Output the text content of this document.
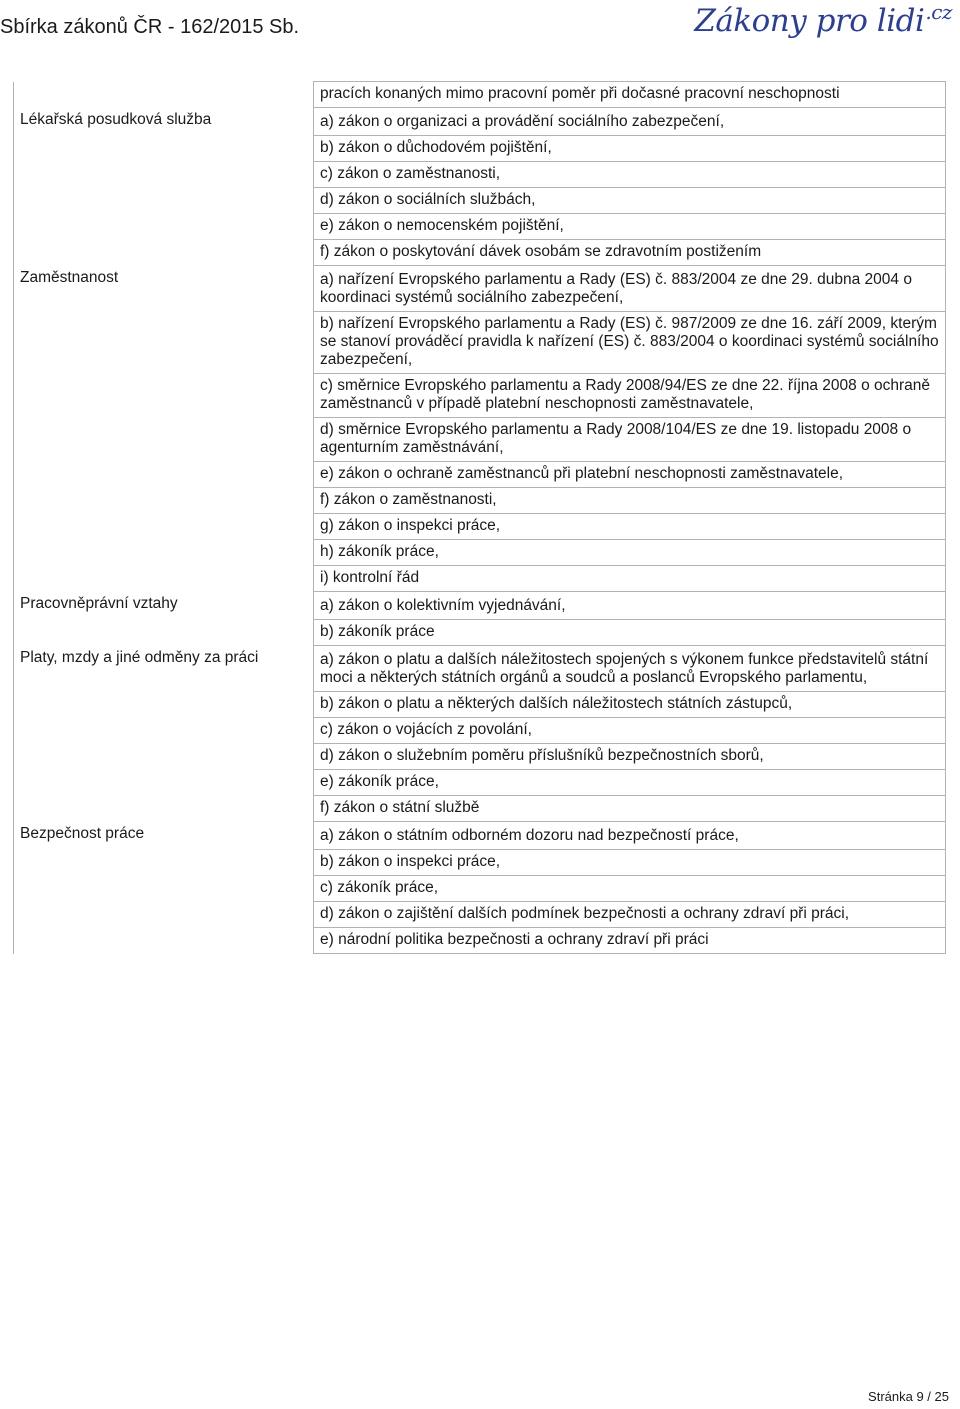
Sbírka zákonů ČR - 162/2015 Sb.	Zákony pro lidi$^{.cz}$
	pracích konaných mimo pracovní poměr při dočasné pracovní neschopnosti
Lékařská posudková služba	a) zákon o organizaci a provádění sociálního zabezpečení,
	b) zákon o důchodovém pojištění,
	c) zákon o zaměstnanosti,
	d) zákon o sociálních službách,
	e) zákon o nemocenském pojištění,
	f) zákon o poskytování dávek osobám se zdravotním postižením
Zaměstnanost	a) nařízení Evropského parlamentu a Rady (ES) č. 883/2004 ze dne 29. dubna 2004 o koordinaci systémů sociálního zabezpečení,
	b) nařízení Evropského parlamentu a Rady (ES) č. 987/2009 ze dne 16. září 2009, kterým se stanoví prováděcí pravidla k nařízení (ES) č. 883/2004 o koordinaci systémů sociálního zabezpečení,
	c) směrnice Evropského parlamentu a Rady 2008/94/ES ze dne 22. října 2008 o ochraně zaměstnanců v případě platební neschopnosti zaměstnavatele,
	d) směrnice Evropského parlamentu a Rady 2008/104/ES ze dne 19. listopadu 2008 o agenturním zaměstnávání,
	e) zákon o ochraně zaměstnanců při platební neschopnosti zaměstnavatele,
	f) zákon o zaměstnanosti,
	g) zákon o inspekci práce,
	h) zákoník práce,
	i) kontrolní řád
Pracovněprávní vztahy	a) zákon o kolektivním vyjednávání,
	b) zákoník práce
Platy, mzdy a jiné odměny za práci	a) zákon o platu a dalších náležitostech spojených s výkonem funkce představitelů státní moci a některých státních orgánů a soudců a poslanců Evropského parlamentu,
	b) zákon o platu a některých dalších náležitostech státních zástupců,
	c) zákon o vojácích z povolání,
	d) zákon o služebním poměru příslušníků bezpečnostních sborů,
	e) zákoník práce,
	f) zákon o státní službě
Bezpečnost práce	a) zákon o státním odborném dozoru nad bezpečností práce,
	b) zákon o inspekci práce,
	c) zákoník práce,
	d) zákon o zajištění dalších podmínek bezpečnosti a ochrany zdraví při práci,
	e) národní politika bezpečnosti a ochrany zdraví při práci
Stránka 9 / 25
